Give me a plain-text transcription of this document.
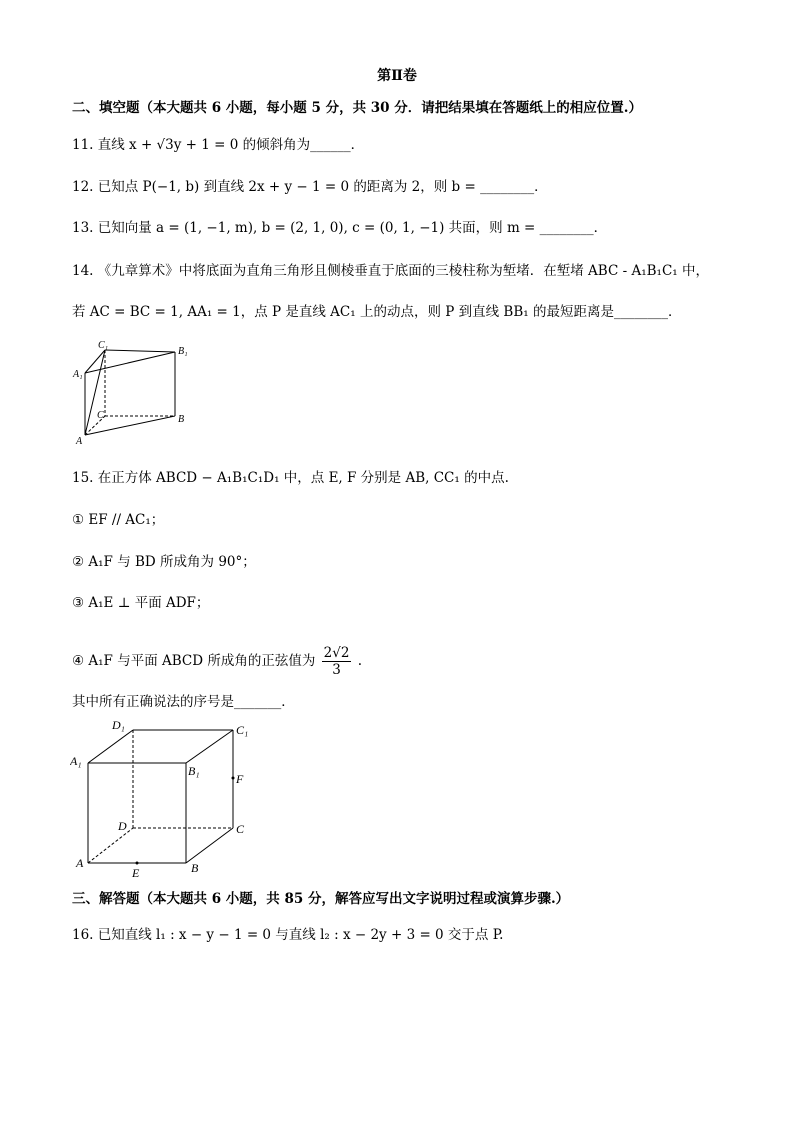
第Ⅱ卷
二、填空题（本大题共 6 小题，每小题 5 分，共 30 分．请把结果填在答题纸上的相应位置.）
11. 直线 x + √3y + 1 = 0 的倾斜角为______．
12. 已知点 P(−1, b) 到直线 2x + y − 1 = 0 的距离为 2，则 b = ________．
13. 已知向量 a = (1, −1, m), b = (2, 1, 0), c = (0, 1, −1) 共面，则 m = ________．
14. 《九章算术》中将底面为直角三角形且侧棱垂直于底面的三棱柱称为堑堵．在堑堵 ABC - A₁B₁C₁ 中，
若 AC = BC = 1, AA₁ = 1，点 P 是直线 AC₁ 上的动点，则 P 到直线 BB₁ 的最短距离是________．
C₁
B₁
A₁
C	B
A
15. 在正方体 ABCD − A₁B₁C₁D₁ 中，点 E, F 分别是 AB, CC₁ 的中点.
① EF // AC₁；
② A₁F 与 BD 所成角为 90°；
③ A₁E ⊥ 平面 ADF；
④ A₁F 与平面 ABCD 所成角的正弦值为 $\frac{2√2}{3}$ .
其中所有正确说法的序号是_______．
D₁	C₁
A₁
B₁
F
D	C
A
E	B
三、解答题（本大题共 6 小题，共 85 分，解答应写出文字说明过程或演算步骤.）
16. 已知直线 l₁ : x − y − 1 = 0 与直线 l₂ : x − 2y + 3 = 0 交于点 P.
